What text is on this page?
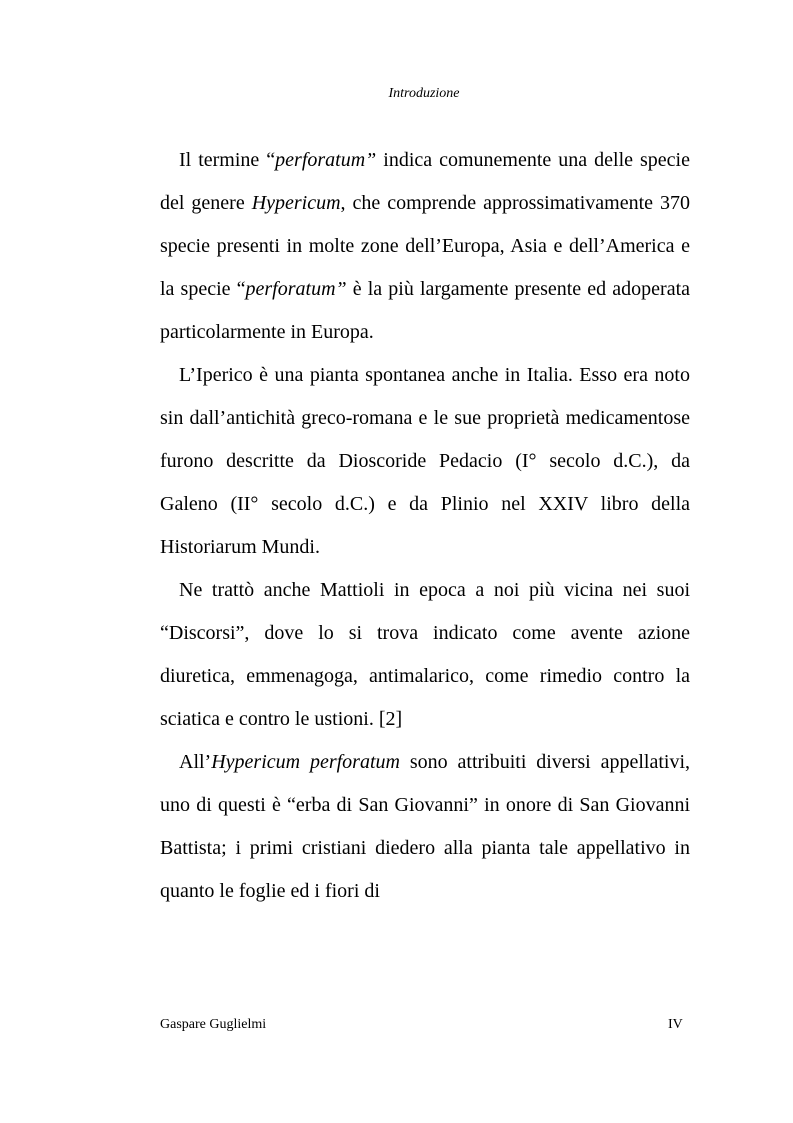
Introduzione

Il termine “perforatum” indica comunemente una delle specie del genere Hypericum, che comprende approssimativamente 370 specie presenti in molte zone dell’Europa, Asia e dell’America e la specie “perforatum” è la più largamente presente ed adoperata particolarmente in Europa.

L’Iperico è una pianta spontanea anche in Italia. Esso era noto sin dall’antichità greco-romana e le sue proprietà medicamentose furono descritte da Dioscoride Pedacio (I° secolo d.C.), da Galeno (II° secolo d.C.) e da Plinio nel XXIV libro della Historiarum Mundi.

Ne trattò anche Mattioli in epoca a noi più vicina nei suoi “Discorsi”, dove lo si trova indicato come avente azione diuretica, emmenagoga, antimalarico, come rimedio contro la sciatica e contro le ustioni. [2]

All’Hypericum perforatum sono attribuiti diversi appellativi, uno di questi è “erba di San Giovanni” in onore di San Giovanni Battista; i primi cristiani diedero alla pianta tale appellativo in quanto le foglie ed i fiori di

Gaspare Guglielmi	IV
